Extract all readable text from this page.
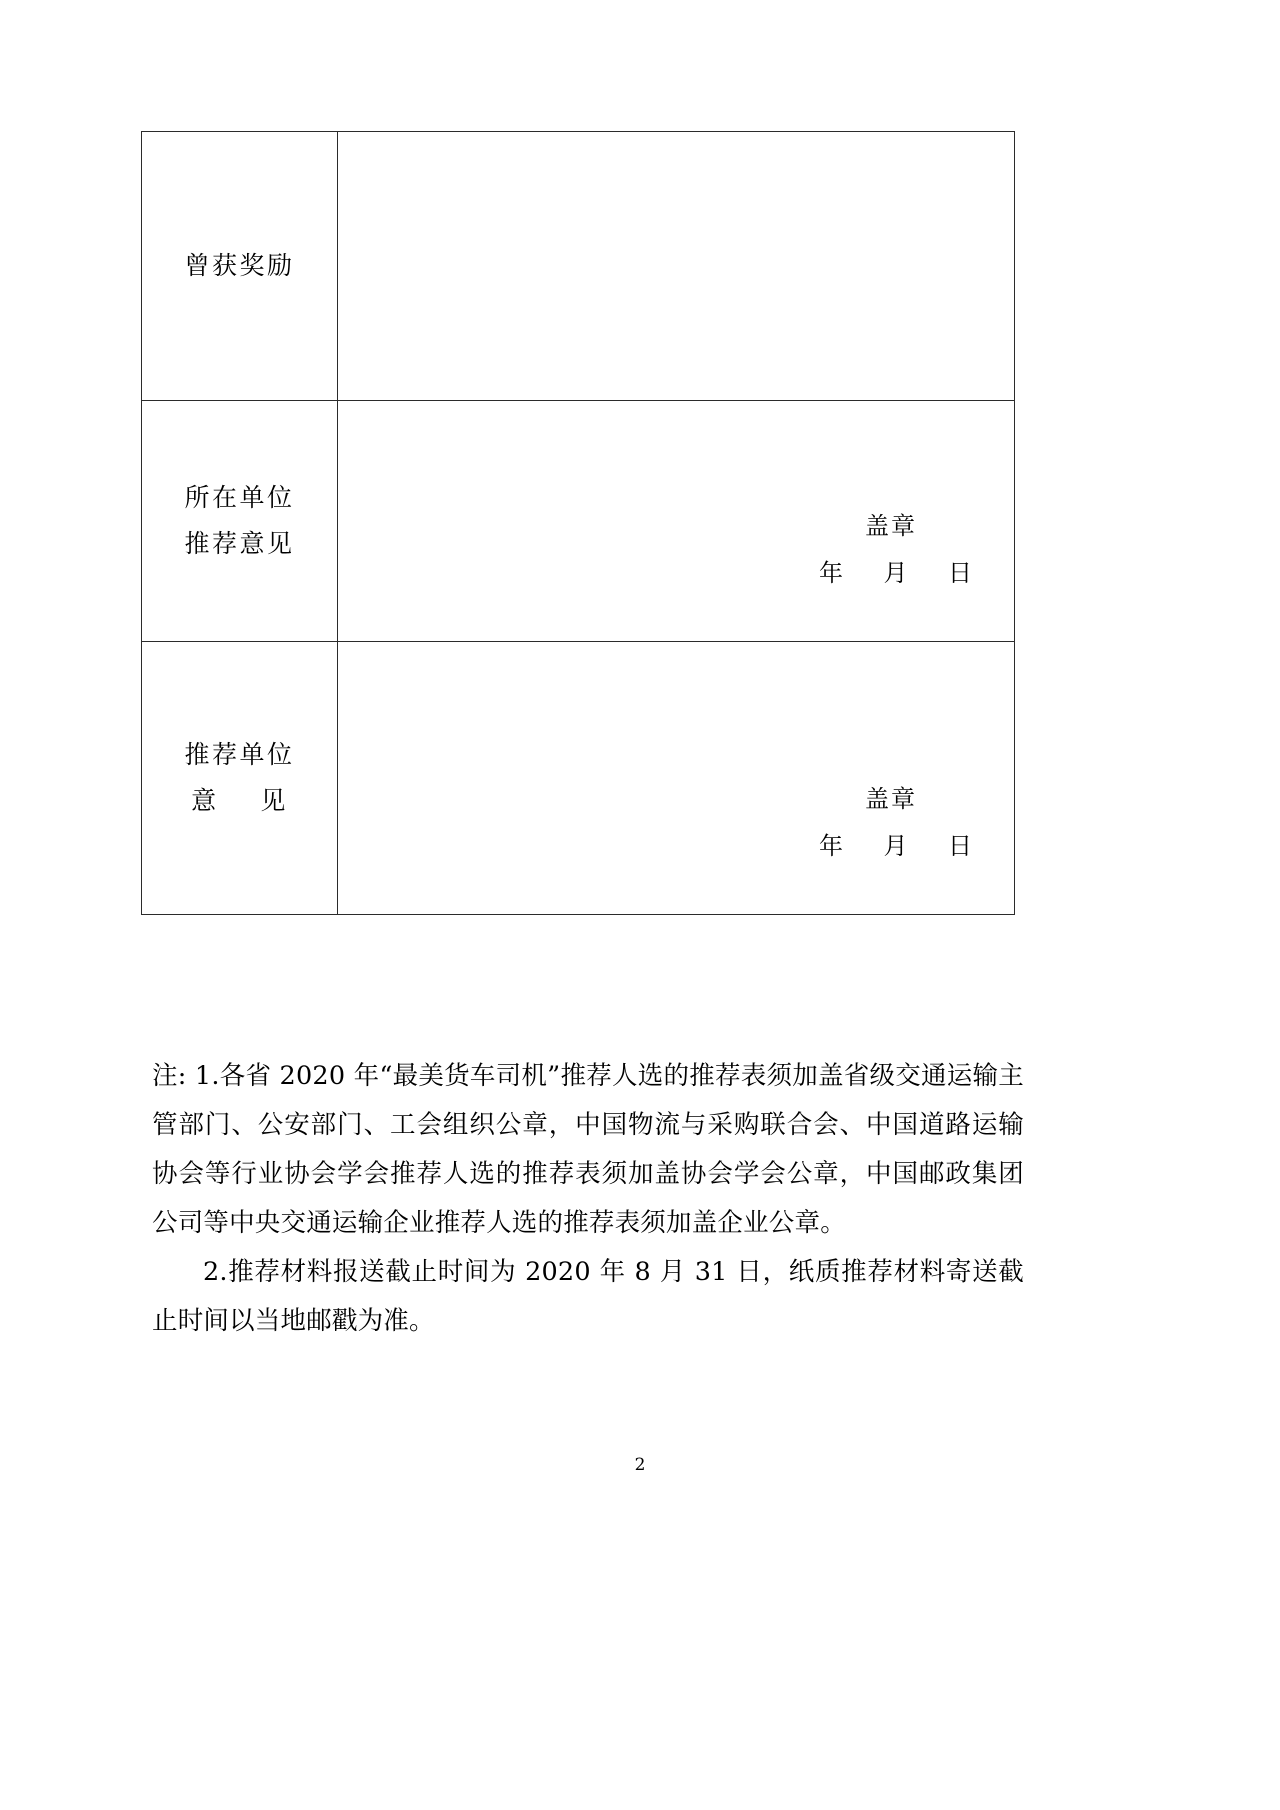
曾获奖励	

所在单位
推荐意见	盖章
年    月    日

推荐单位
意    见	盖章
年    月    日

注: 1.各省 2020 年“最美货车司机”推荐人选的推荐表须加盖省级交通运输主管部门、公安部门、工会组织公章，中国物流与采购联合会、中国道路运输协会等行业协会学会推荐人选的推荐表须加盖协会学会公章，中国邮政集团公司等中央交通运输企业推荐人选的推荐表须加盖企业公章。

2.推荐材料报送截止时间为 2020 年 8 月 31 日，纸质推荐材料寄送截止时间以当地邮戳为准。

2
